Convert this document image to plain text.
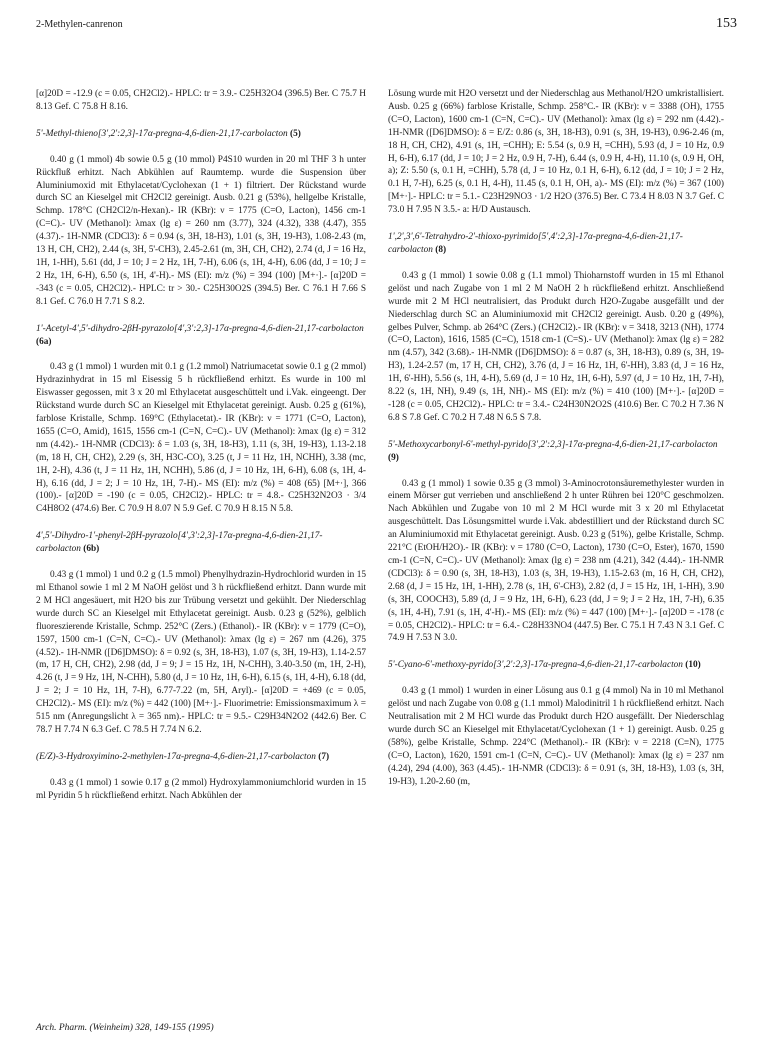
2-Methylen-canrenon	153

[α]20D = -12.9 (c = 0.05, CH2Cl2).- HPLC: tr = 3.9.- C25H32O4 (396.5) Ber. C 75.7 H 8.13 Gef. C 75.8 H 8.16.

5'-Methyl-thieno[3',2':2,3]-17α-pregna-4,6-dien-21,17-carbolacton (5)

0.40 g (1 mmol) 4b sowie 0.5 g (10 mmol) P4S10 wurden in 20 ml THF 3 h unter Rückfluß erhitzt. Nach Abkühlen auf Raumtemp. wurde die Suspension über Aluminiumoxid mit Ethylacetat/Cyclohexan (1 + 1) filtriert. Der Rückstand wurde durch SC an Kieselgel mit CH2Cl2 gereinigt. Ausb. 0.21 g (53%), hellgelbe Kristalle, Schmp. 178°C (CH2Cl2/n-Hexan).- IR (KBr): ν = 1775 (C=O, Lacton), 1456 cm-1 (C=C).- UV (Methanol): λmax (lg ε) = 260 nm (3.77), 324 (4.32), 338 (4.47), 355 (4.37).- 1H-NMR (CDCl3): δ = 0.94 (s, 3H, 18-H3), 1.01 (s, 3H, 19-H3), 1.08-2.43 (m, 13 H, CH, CH2), 2.44 (s, 3H, 5'-CH3), 2.45-2.61 (m, 3H, CH, CH2), 2.74 (d, J = 16 Hz, 1H, 1-HH), 5.61 (dd, J = 10; J = 2 Hz, 1H, 7-H), 6.06 (s, 1H, 4-H), 6.06 (dd, J = 10; J = 2 Hz, 1H, 6-H), 6.50 (s, 1H, 4'-H).- MS (EI): m/z (%) = 394 (100) [M+·].- [α]20D = -343 (c = 0.05, CH2Cl2).- HPLC: tr > 30.- C25H30O2S (394.5) Ber. C 76.1 H 7.66 S 8.1 Gef. C 76.0 H 7.71 S 8.2.

1'-Acetyl-4',5'-dihydro-2βH-pyrazolo[4',3':2,3]-17α-pregna-4,6-dien-21,17-carbolacton (6a)

0.43 g (1 mmol) 1 wurden mit 0.1 g (1.2 mmol) Natriumacetat sowie 0.1 g (2 mmol) Hydrazinhydrat in 15 ml Eisessig 5 h rückfließend erhitzt. Es wurde in 100 ml Eiswasser gegossen, mit 3 x 20 ml Ethylacetat ausgeschüttelt und i.Vak. eingeengt. Der Rückstand wurde durch SC an Kieselgel mit Ethylacetat gereinigt. Ausb. 0.25 g (61%), farblose Kristalle, Schmp. 169°C (Ethylacetat).- IR (KBr): ν = 1771 (C=O, Lacton), 1655 (C=O, Amid), 1615, 1556 cm-1 (C=N, C=C).- UV (Methanol): λmax (lg ε) = 312 nm (4.42).- 1H-NMR (CDCl3): δ = 1.03 (s, 3H, 18-H3), 1.11 (s, 3H, 19-H3), 1.13-2.18 (m, 18 H, CH, CH2), 2.29 (s, 3H, H3C-CO), 3.25 (t, J = 11 Hz, 1H, NCHH), 3.38 (mc, 1H, 2-H), 4.36 (t, J = 11 Hz, 1H, NCHH), 5.86 (d, J = 10 Hz, 1H, 6-H), 6.08 (s, 1H, 4-H), 6.16 (dd, J = 2; J = 10 Hz, 1H, 7-H).- MS (EI): m/z (%) = 408 (65) [M+·], 366 (100).- [α]20D = -190 (c = 0.05, CH2Cl2).- HPLC: tr = 4.8.- C25H32N2O3 · 3/4 C4H8O2 (474.6) Ber. C 70.9 H 8.07 N 5.9 Gef. C 70.9 H 8.15 N 5.8.

4',5'-Dihydro-1'-phenyl-2βH-pyrazolo[4',3':2,3]-17α-pregna-4,6-dien-21,17-carbolacton (6b)

0.43 g (1 mmol) 1 und 0.2 g (1.5 mmol) Phenylhydrazin-Hydrochlorid wurden in 15 ml Ethanol sowie 1 ml 2 M NaOH gelöst und 3 h rückfließend erhitzt. Dann wurde mit 2 M HCl angesäuert, mit H2O bis zur Trübung versetzt und gekühlt. Der Niederschlag wurde durch SC an Kieselgel mit Ethylacetat gereinigt. Ausb. 0.23 g (52%), gelblich fluoreszierende Kristalle, Schmp. 252°C (Zers.) (Ethanol).- IR (KBr): ν = 1779 (C=O), 1597, 1500 cm-1 (C=N, C=C).- UV (Methanol): λmax (lg ε) = 267 nm (4.26), 375 (4.52).- 1H-NMR ([D6]DMSO): δ = 0.92 (s, 3H, 18-H3), 1.07 (s, 3H, 19-H3), 1.14-2.57 (m, 17 H, CH, CH2), 2.98 (dd, J = 9; J = 15 Hz, 1H, N-CHH), 3.40-3.50 (m, 1H, 2-H), 4.26 (t, J = 9 Hz, 1H, N-CHH), 5.80 (d, J = 10 Hz, 1H, 6-H), 6.15 (s, 1H, 4-H), 6.18 (dd, J = 2; J = 10 Hz, 1H, 7-H), 6.77-7.22 (m, 5H, Aryl).- [α]20D = +469 (c = 0.05, CH2Cl2).- MS (EI): m/z (%) = 442 (100) [M+·].- Fluorimetrie: Emissionsmaximum λ = 515 nm (Anregungslicht λ = 365 nm).- HPLC: tr = 9.5.- C29H34N2O2 (442.6) Ber. C 78.7 H 7.74 N 6.3 Gef. C 78.5 H 7.74 N 6.2.

(E/Z)-3-Hydroxyimino-2-methylen-17α-pregna-4,6-dien-21,17-carbolacton (7)

0.43 g (1 mmol) 1 sowie 0.17 g (2 mmol) Hydroxylammoniumchlorid wurden in 15 ml Pyridin 5 h rückfließend erhitzt. Nach Abkühlen der

Lösung wurde mit H2O versetzt und der Niederschlag aus Methanol/H2O umkristallisiert. Ausb. 0.25 g (66%) farblose Kristalle, Schmp. 258°C.- IR (KBr): ν = 3388 (OH), 1755 (C=O, Lacton), 1600 cm-1 (C=N, C=C).- UV (Methanol): λmax (lg ε) = 292 nm (4.42).- 1H-NMR ([D6]DMSO): δ = E/Z: 0.86 (s, 3H, 18-H3), 0.91 (s, 3H, 19-H3), 0.96-2.46 (m, 18 H, CH, CH2), 4.91 (s, 1H, =CHH); E: 5.54 (s, 0.9 H, =CHH), 5.93 (d, J = 10 Hz, 0.9 H, 6-H), 6.17 (dd, J = 10; J = 2 Hz, 0.9 H, 7-H), 6.44 (s, 0.9 H, 4-H), 11.10 (s, 0.9 H, OH, a); Z: 5.50 (s, 0.1 H, =CHH), 5.78 (d, J = 10 Hz, 0.1 H, 6-H), 6.12 (dd, J = 10; J = 2 Hz, 0.1 H, 7-H), 6.25 (s, 0.1 H, 4-H), 11.45 (s, 0.1 H, OH, a).- MS (EI): m/z (%) = 367 (100) [M+·].- HPLC: tr = 5.1.- C23H29NO3 · 1/2 H2O (376.5) Ber. C 73.4 H 8.03 N 3.7 Gef. C 73.0 H 7.95 N 3.5.- a: H/D Austausch.

1',2',3',6'-Tetrahydro-2'-thioxo-pyrimido[5',4':2,3]-17α-pregna-4,6-dien-21,17-carbolacton (8)

0.43 g (1 mmol) 1 sowie 0.08 g (1.1 mmol) Thioharnstoff wurden in 15 ml Ethanol gelöst und nach Zugabe von 1 ml 2 M NaOH 2 h rückfließend erhitzt. Anschließend wurde mit 2 M HCl neutralisiert, das Produkt durch H2O-Zugabe ausgefällt und der Niederschlag durch SC an Aluminiumoxid mit CH2Cl2 gereinigt. Ausb. 0.20 g (49%), gelbes Pulver, Schmp. ab 264°C (Zers.) (CH2Cl2).- IR (KBr): ν = 3418, 3213 (NH), 1774 (C=O, Lacton), 1616, 1585 (C=C), 1518 cm-1 (C=S).- UV (Methanol): λmax (lg ε) = 282 nm (4.57), 342 (3.68).- 1H-NMR ([D6]DMSO): δ = 0.87 (s, 3H, 18-H3), 0.89 (s, 3H, 19-H3), 1.24-2.57 (m, 17 H, CH, CH2), 3.76 (d, J = 16 Hz, 1H, 6'-HH), 3.83 (d, J = 16 Hz, 1H, 6'-HH), 5.56 (s, 1H, 4-H), 5.69 (d, J = 10 Hz, 1H, 6-H), 5.97 (d, J = 10 Hz, 1H, 7-H), 8.22 (s, 1H, NH), 9.49 (s, 1H, NH).- MS (EI): m/z (%) = 410 (100) [M+·].- [α]20D = -128 (c = 0.05, CH2Cl2).- HPLC: tr = 3.4.- C24H30N2O2S (410.6) Ber. C 70.2 H 7.36 N 6.8 S 7.8 Gef. C 70.2 H 7.48 N 6.5 S 7.8.

5'-Methoxycarbonyl-6'-methyl-pyrido[3',2':2,3]-17α-pregna-4,6-dien-21,17-carbolacton (9)

0.43 g (1 mmol) 1 sowie 0.35 g (3 mmol) 3-Aminocrotonsäuremethylester wurden in einem Mörser gut verrieben und anschließend 2 h unter Rühren bei 120°C geschmolzen. Nach Abkühlen und Zugabe von 10 ml 2 M HCl wurde mit 3 x 20 ml Ethylacetat ausgeschüttelt. Das Lösungsmittel wurde i.Vak. abdestilliert und der Rückstand durch SC an Aluminiumoxid mit Ethylacetat gereinigt. Ausb. 0.23 g (51%), gelbe Kristalle, Schmp. 221°C (EtOH/H2O).- IR (KBr): ν = 1780 (C=O, Lacton), 1730 (C=O, Ester), 1670, 1590 cm-1 (C=N, C=C).- UV (Methanol): λmax (lg ε) = 238 nm (4.21), 342 (4.44).- 1H-NMR (CDCl3): δ = 0.90 (s, 3H, 18-H3), 1.03 (s, 3H, 19-H3), 1.15-2.63 (m, 16 H, CH, CH2), 2.68 (d, J = 15 Hz, 1H, 1-HH), 2.78 (s, 1H, 6'-CH3), 2.82 (d, J = 15 Hz, 1H, 1-HH), 3.90 (s, 3H, COOCH3), 5.89 (d, J = 9 Hz, 1H, 6-H), 6.23 (dd, J = 9; J = 2 Hz, 1H, 7-H), 6.35 (s, 1H, 4-H), 7.91 (s, 1H, 4'-H).- MS (EI): m/z (%) = 447 (100) [M+·].- [α]20D = -178 (c = 0.05, CH2Cl2).- HPLC: tr = 6.4.- C28H33NO4 (447.5) Ber. C 75.1 H 7.43 N 3.1 Gef. C 74.9 H 7.53 N 3.0.

5'-Cyano-6'-methoxy-pyrido[3',2':2,3]-17α-pregna-4,6-dien-21,17-carbolacton (10)

0.43 g (1 mmol) 1 wurden in einer Lösung aus 0.1 g (4 mmol) Na in 10 ml Methanol gelöst und nach Zugabe von 0.08 g (1.1 mmol) Malodinitril 1 h rückfließend erhitzt. Nach Neutralisation mit 2 M HCl wurde das Produkt durch H2O ausgefällt. Der Niederschlag wurde durch SC an Kieselgel mit Ethylacetat/Cyclohexan (1 + 1) gereinigt. Ausb. 0.25 g (58%), gelbe Kristalle, Schmp. 224°C (Methanol).- IR (KBr): ν = 2218 (C≡N), 1775 (C=O, Lacton), 1620, 1591 cm-1 (C=N, C=C).- UV (Methanol): λmax (lg ε) = 237 nm (4.24), 294 (4.00), 363 (4.45).- 1H-NMR (CDCl3): δ = 0.91 (s, 3H, 18-H3), 1.03 (s, 3H, 19-H3), 1.20-2.60 (m,

Arch. Pharm. (Weinheim) 328, 149-155 (1995)
